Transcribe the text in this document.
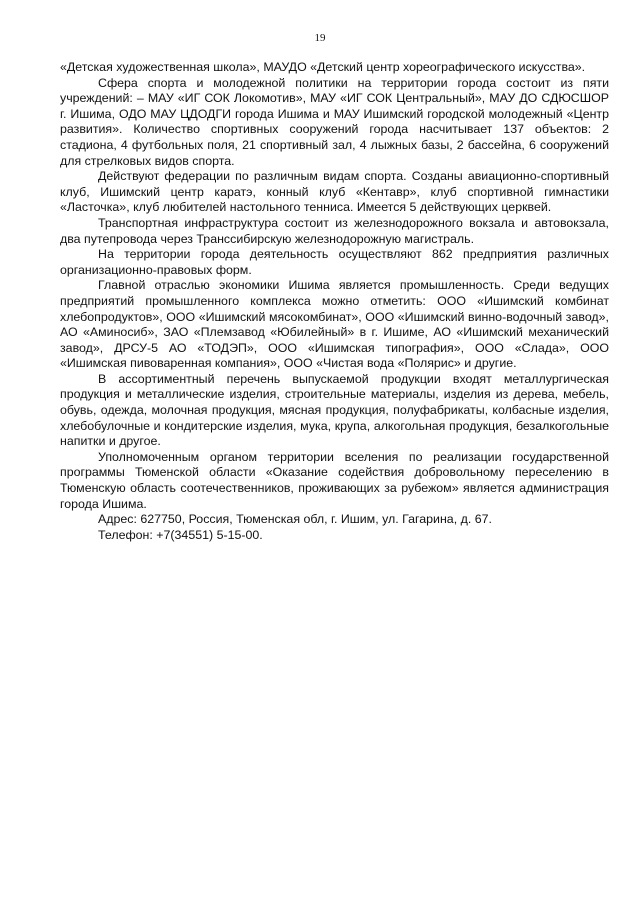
19

«Детская художественная школа», МАУДО «Детский центр хореографического искусства».

Сфера спорта и молодежной политики на территории города состоит из пяти учреждений: – МАУ «ИГ СОК Локомотив», МАУ «ИГ СОК Центральный», МАУ ДО СДЮСШОР г. Ишима, ОДО МАУ ЦДОДГИ города Ишима и МАУ Ишимский городской молодежный «Центр развития». Количество спортивных сооружений города насчитывает 137 объектов: 2 стадиона, 4 футбольных поля, 21 спортивный зал, 4 лыжных базы, 2 бассейна, 6 сооружений для стрелковых видов спорта.

Действуют федерации по различным видам спорта. Созданы авиационно-спортивный клуб, Ишимский центр каратэ, конный клуб «Кентавр», клуб спортивной гимнастики «Ласточка», клуб любителей настольного тенниса. Имеется 5 действующих церквей.

Транспортная инфраструктура состоит из железнодорожного вокзала и автовокзала, два путепровода через Транссибирскую железнодорожную магистраль.

На территории города деятельность осуществляют 862 предприятия различных организационно-правовых форм.

Главной отраслью экономики Ишима является промышленность. Среди ведущих предприятий промышленного комплекса можно отметить: ООО «Ишимский комбинат хлебопродуктов», ООО «Ишимский мясокомбинат», ООО «Ишимский винно-водочный завод», АО «Аминосиб», ЗАО «Племзавод «Юбилейный» в г. Ишиме, АО «Ишимский механический завод», ДРСУ-5 АО «ТОДЭП», ООО «Ишимская типография», ООО «Слада», ООО «Ишимская пивоваренная компания», ООО «Чистая вода «Полярис» и другие.

В ассортиментный перечень выпускаемой продукции входят металлургическая продукция и металлические изделия, строительные материалы, изделия из дерева, мебель, обувь, одежда, молочная продукция, мясная продукция, полуфабрикаты, колбасные изделия, хлебобулочные и кондитерские изделия, мука, крупа, алкогольная продукция, безалкогольные напитки и другое.

Уполномоченным органом территории вселения по реализации государственной программы Тюменской области «Оказание содействия добровольному переселению в Тюменскую область соотечественников, проживающих за рубежом» является администрация города Ишима.

Адрес: 627750, Россия, Тюменская обл, г. Ишим, ул. Гагарина, д. 67.

Телефон: +7(34551) 5-15-00.
